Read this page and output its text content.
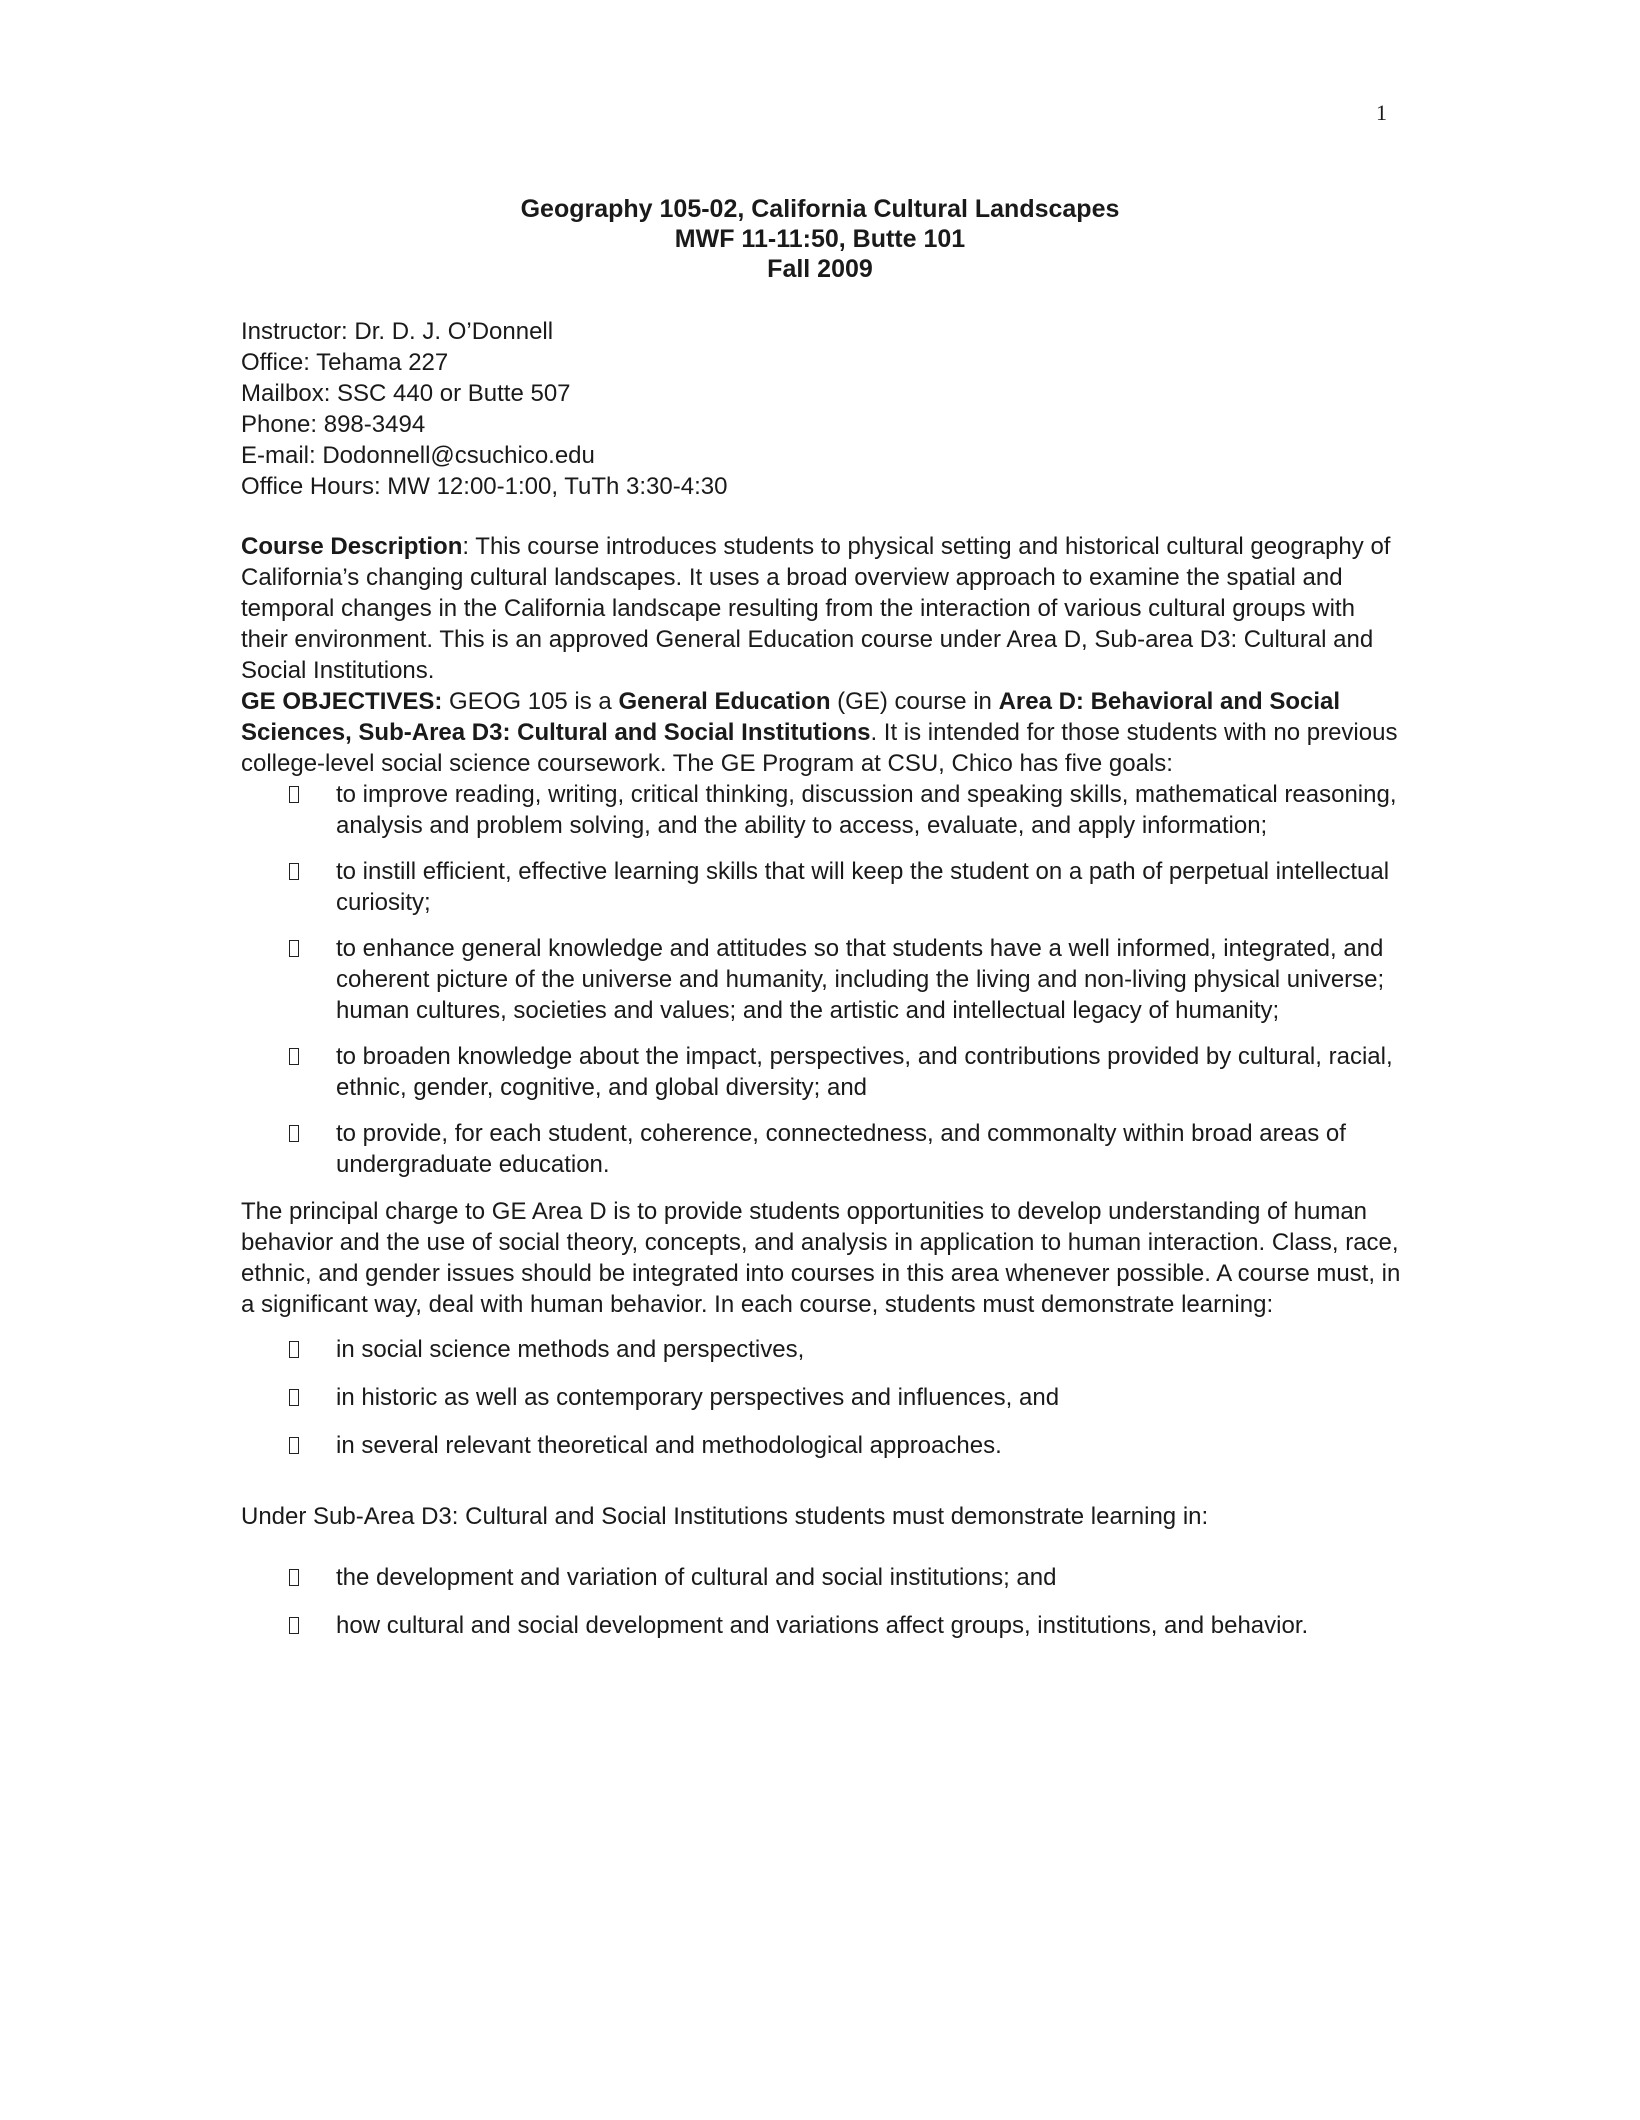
1
Geography 105-02, California Cultural Landscapes
MWF 11-11:50, Butte 101
Fall 2009
Instructor: Dr. D. J. O’Donnell
Office: Tehama 227
Mailbox: SSC 440 or Butte 507
Phone: 898-3494
E-mail: Dodonnell@csuchico.edu
Office Hours: MW 12:00-1:00, TuTh 3:30-4:30

Course Description: This course introduces students to physical setting and historical cultural geography of California’s changing cultural landscapes. It uses a broad overview approach to examine the spatial and temporal changes in the California landscape resulting from the interaction of various cultural groups with their environment. This is an approved General Education course under Area D, Sub-area D3: Cultural and Social Institutions.

GE OBJECTIVES: GEOG 105 is a General Education (GE) course in Area D: Behavioral and Social Sciences, Sub-Area D3: Cultural and Social Institutions. It is intended for those students with no previous college-level social science coursework. The GE Program at CSU, Chico has five goals:

to improve reading, writing, critical thinking, discussion and speaking skills, mathematical reasoning, analysis and problem solving, and the ability to access, evaluate, and apply information;
to instill efficient, effective learning skills that will keep the student on a path of perpetual intellectual curiosity;
to enhance general knowledge and attitudes so that students have a well informed, integrated, and coherent picture of the universe and humanity, including the living and non-living physical universe; human cultures, societies and values; and the artistic and intellectual legacy of humanity;
to broaden knowledge about the impact, perspectives, and contributions provided by cultural, racial, ethnic, gender, cognitive, and global diversity; and
to provide, for each student, coherence, connectedness, and commonalty within broad areas of undergraduate education.

The principal charge to GE Area D is to provide students opportunities to develop understanding of human behavior and the use of social theory, concepts, and analysis in application to human interaction. Class, race, ethnic, and gender issues should be integrated into courses in this area whenever possible. A course must, in a significant way, deal with human behavior. In each course, students must demonstrate learning:

in social science methods and perspectives,
in historic as well as contemporary perspectives and influences, and
in several relevant theoretical and methodological approaches.

Under Sub-Area D3: Cultural and Social Institutions students must demonstrate learning in:

the development and variation of cultural and social institutions; and
how cultural and social development and variations affect groups, institutions, and behavior.
